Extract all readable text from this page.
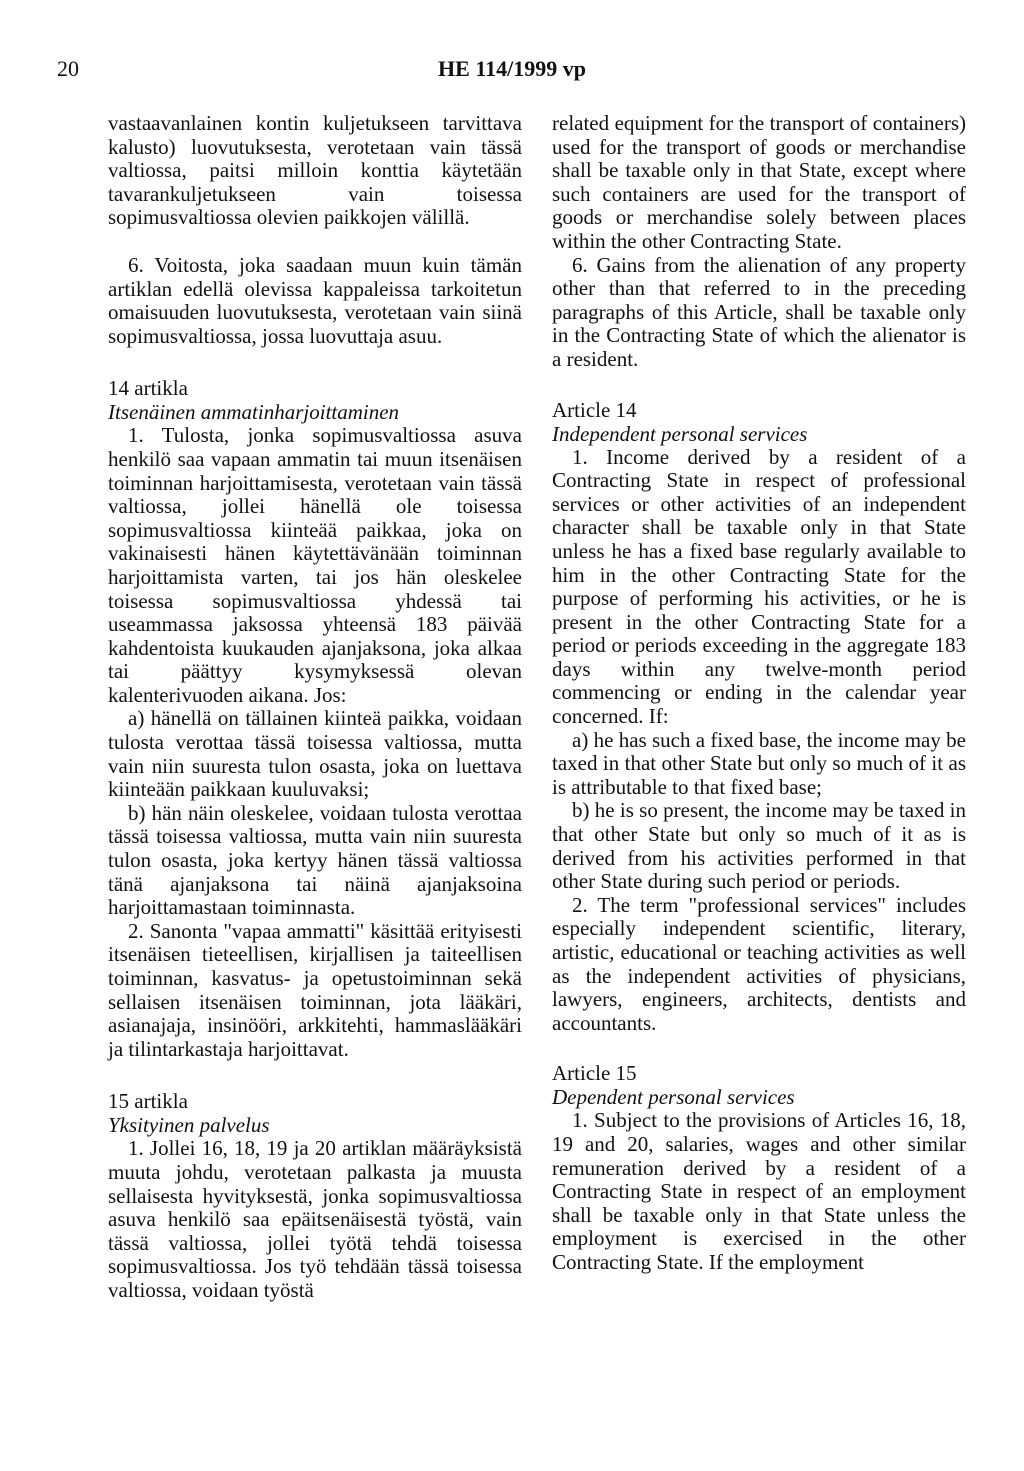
20	HE 114/1999 vp

vastaavanlainen kontin kuljetukseen tarvittava kalusto) luovutuksesta, verotetaan vain tässä valtiossa, paitsi milloin konttia käytetään tavarankuljetukseen vain toisessa sopimusvaltiossa olevien paikkojen välillä.

6. Voitosta, joka saadaan muun kuin tämän artiklan edellä olevissa kappaleissa tarkoitetun omaisuuden luovutuksesta, verotetaan vain siinä sopimusvaltiossa, jossa luovuttaja asuu.

14 artikla

Itsenäinen ammatinharjoittaminen

1. Tulosta, jonka sopimusvaltiossa asuva henkilö saa vapaan ammatin tai muun itsenäisen toiminnan harjoittamisesta, verotetaan vain tässä valtiossa, jollei hänellä ole toisessa sopimusvaltiossa kiinteää paikkaa, joka on vakinaisesti hänen käytettävänään toiminnan harjoittamista varten, tai jos hän oleskelee toisessa sopimusvaltiossa yhdessä tai useammassa jaksossa yhteensä 183 päivää kahdentoista kuukauden ajanjaksona, joka alkaa tai päättyy kysymyksessä olevan kalenterivuoden aikana. Jos:

a) hänellä on tällainen kiinteä paikka, voidaan tulosta verottaa tässä toisessa valtiossa, mutta vain niin suuresta tulon osasta, joka on luettava kiinteään paikkaan kuuluvaksi;

b) hän näin oleskelee, voidaan tulosta verottaa tässä toisessa valtiossa, mutta vain niin suuresta tulon osasta, joka kertyy hänen tässä valtiossa tänä ajanjaksona tai näinä ajanjaksoina harjoittamastaan toiminnasta.

2. Sanonta "vapaa ammatti" käsittää erityisesti itsenäisen tieteellisen, kirjallisen ja taiteellisen toiminnan, kasvatus- ja opetustoiminnan sekä sellaisen itsenäisen toiminnan, jota lääkäri, asianajaja, insinööri, arkkitehti, hammaslääkäri ja tilintarkastaja harjoittavat.

15 artikla

Yksityinen palvelus

1. Jollei 16, 18, 19 ja 20 artiklan määräyksistä muuta johdu, verotetaan palkasta ja muusta sellaisesta hyvityksestä, jonka sopimusvaltiossa asuva henkilö saa epäitsenäisestä työstä, vain tässä valtiossa, jollei työtä tehdä toisessa sopimusvaltiossa. Jos työ tehdään tässä toisessa valtiossa, voidaan työstä

related equipment for the transport of containers) used for the transport of goods or merchandise shall be taxable only in that State, except where such containers are used for the transport of goods or merchandise solely between places within the other Contracting State.

6. Gains from the alienation of any property other than that referred to in the preceding paragraphs of this Article, shall be taxable only in the Contracting State of which the alienator is a resident.

Article 14

Independent personal services

1. Income derived by a resident of a Contracting State in respect of professional services or other activities of an independent character shall be taxable only in that State unless he has a fixed base regularly available to him in the other Contracting State for the purpose of performing his activities, or he is present in the other Contracting State for a period or periods exceeding in the aggregate 183 days within any twelve-month period commencing or ending in the calendar year concerned. If:

a) he has such a fixed base, the income may be taxed in that other State but only so much of it as is attributable to that fixed base;

b) he is so present, the income may be taxed in that other State but only so much of it as is derived from his activities performed in that other State during such period or periods.

2. The term "professional services" includes especially independent scientific, literary, artistic, educational or teaching activities as well as the independent activities of physicians, lawyers, engineers, architects, dentists and accountants.

Article 15

Dependent personal services

1. Subject to the provisions of Articles 16, 18, 19 and 20, salaries, wages and other similar remuneration derived by a resident of a Contracting State in respect of an employment shall be taxable only in that State unless the employment is exercised in the other Contracting State. If the employment
